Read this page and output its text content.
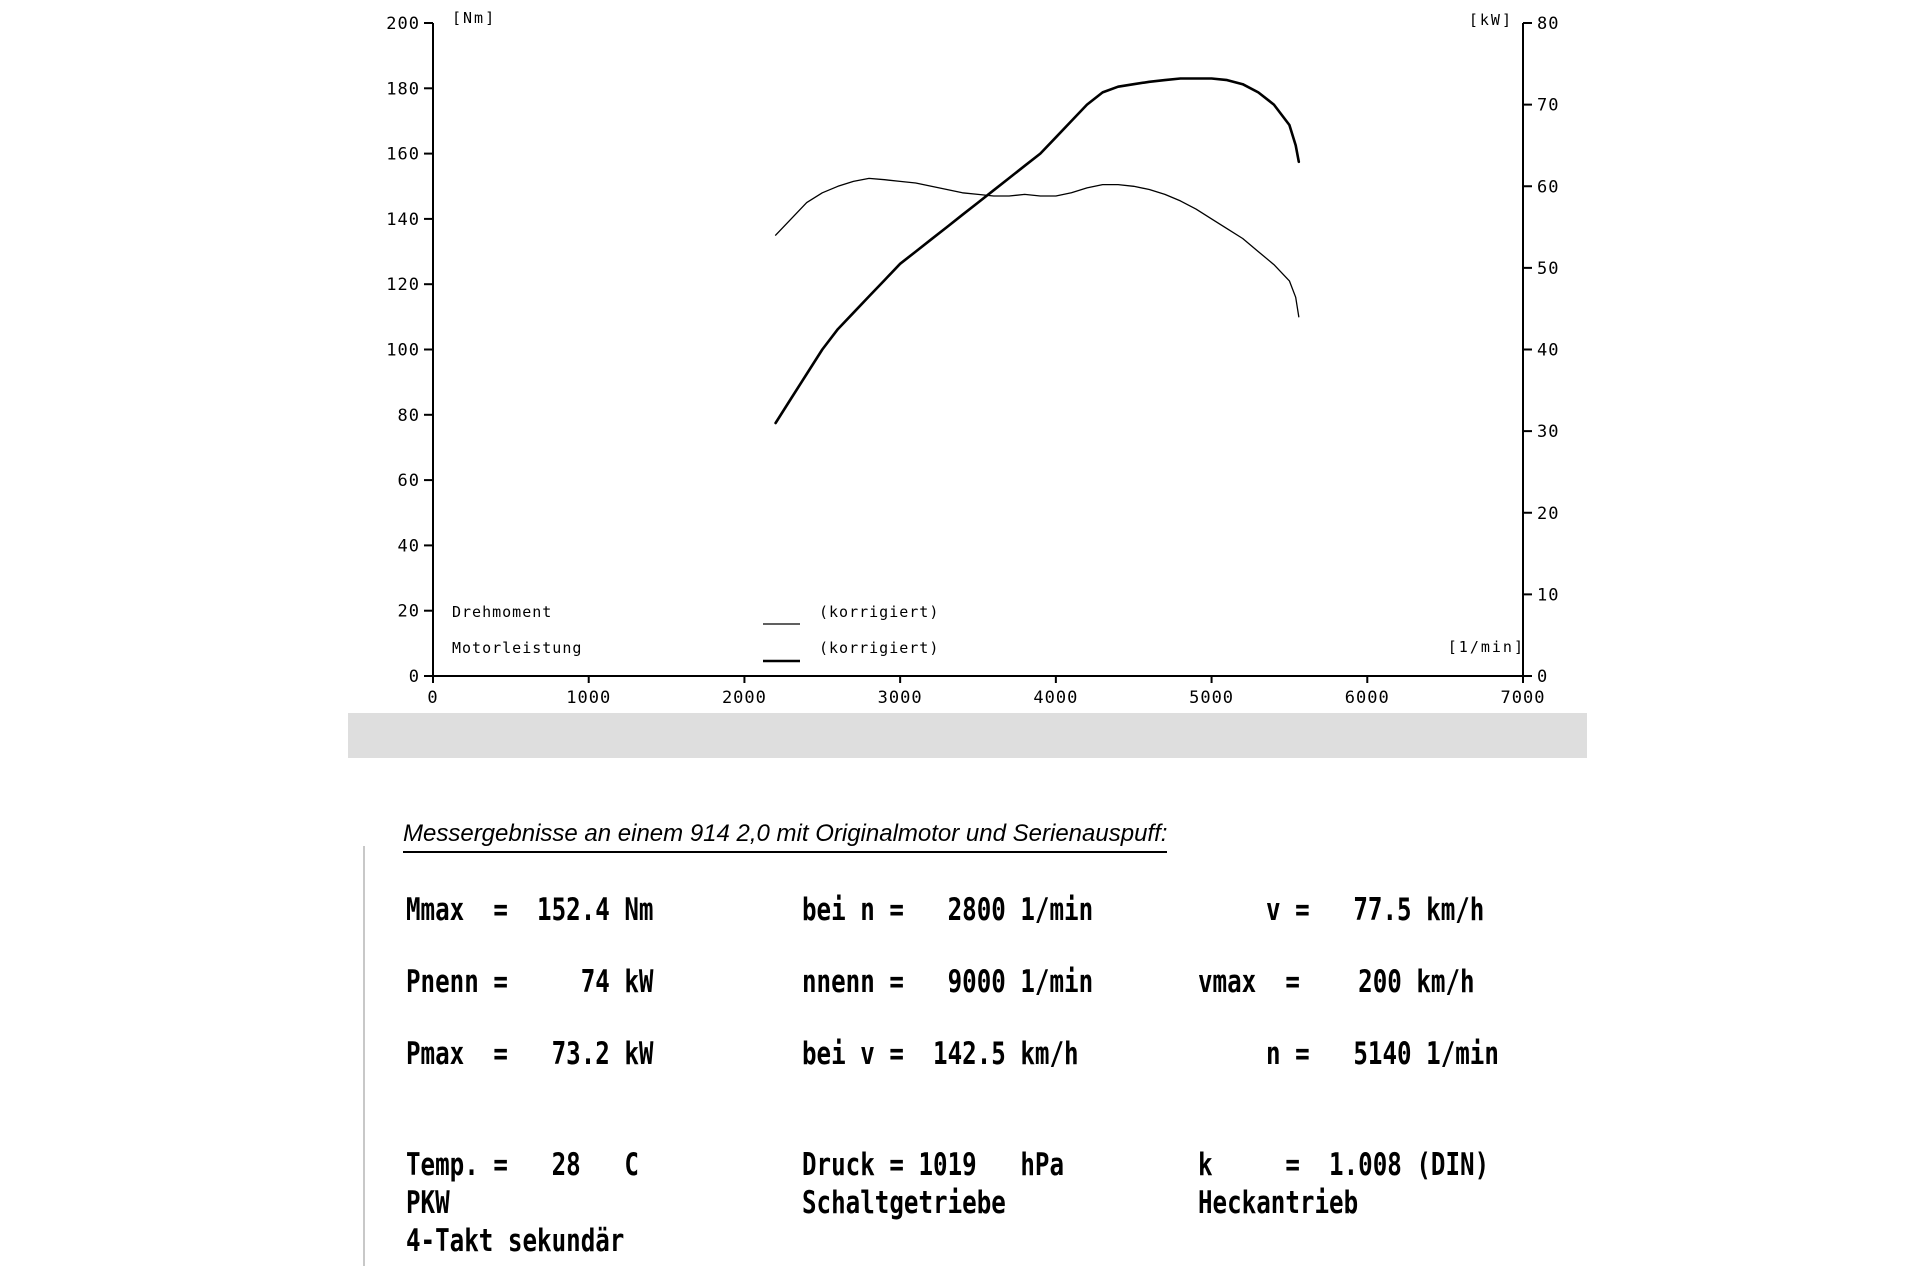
0	1000	2000	3000	4000	5000	6000	7000
0
20
40
60
80
100
120
140
160
180
200
0
10
20
30
40
50
60
70
80
[Nm]	[kW]
[1/min]
Drehmoment	(korrigiert)
Motorleistung	(korrigiert)
Messergebnisse an einem 914 2,0 mit Originalmotor und Serienauspuff:
Mmax  =  152.4 Nm	bei n =   2800 1/min	v =   77.5 km/h
Pnenn =     74 kW	nnenn =   9000 1/min	vmax  =    200 km/h
Pmax  =   73.2 kW	bei v =  142.5 km/h	n =   5140 1/min
Temp. =   28   C	Druck = 1019   hPa	k     =  1.008 (DIN)
PKW	Schaltgetriebe	Heckantrieb
4-Takt sekundär
